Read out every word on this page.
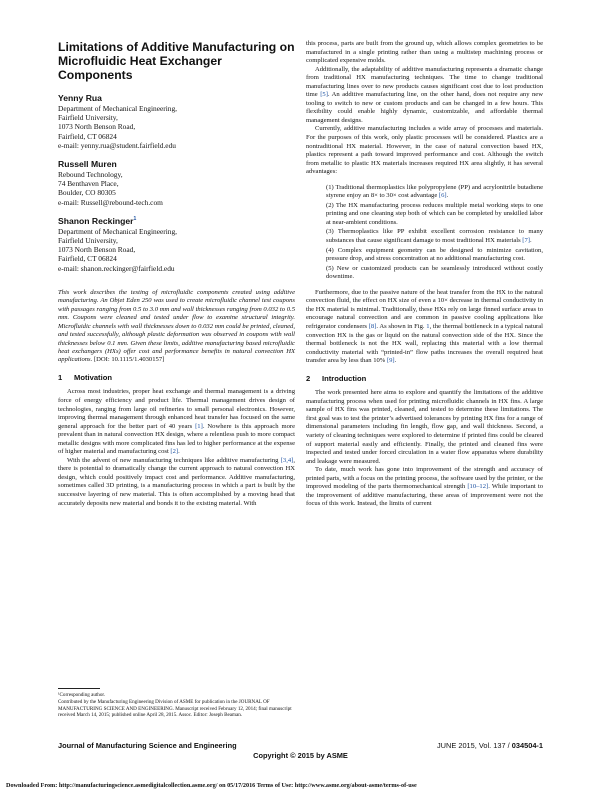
Limitations of Additive Manufacturing on Microfluidic Heat Exchanger Components
Yenny Rua
Department of Mechanical Engineering,
Fairfield University,
1073 North Benson Road,
Fairfield, CT 06824
e-mail: yenny.rua@student.fairfield.edu
Russell Muren
Rebound Technology,
74 Benthaven Place,
Boulder, CO 80305
e-mail: Russell@rebound-tech.com
Shanon Reckinger$^1$
Department of Mechanical Engineering,
Fairfield University,
1073 North Benson Road,
Fairfield, CT 06824
e-mail: shanon.reckinger@fairfield.edu
This work describes the testing of microfluidic components created using additive manufacturing. An Objet Eden 250 was used to create microfluidic channel test coupons with passages ranging from 0.5 to 3.0 mm and wall thicknesses ranging from 0.032 to 0.5 mm. Coupons were cleaned and tested under flow to examine structural integrity. Microfluidic channels with wall thicknesses down to 0.032 mm could be printed, cleaned, and tested successfully, although plastic deformation was observed in coupons with wall thicknesses below 0.1 mm. Given these limits, additive manufacturing based microfluidic heat exchangers (HXs) offer cost and performance benefits in natural convection HX applications. [DOI: 10.1115/1.4030157]
1 Motivation

Across most industries, proper heat exchange and thermal management is a driving force of energy efficiency and product life. Thermal management drives design of technologies, ranging from large oil refineries to small personal electronics. However, improving thermal management through enhanced heat transfer has focused on the same general approach for the better part of 40 years [1]. Nowhere is this approach more prevalent than in natural convection HX design, where a relentless push to more compact metallic designs with more complicated fins has led to higher performance at the expense of higher material and manufacturing cost [2].

With the advent of new manufacturing techniques like additive manufacturing [3,4], there is potential to dramatically change the current approach to natural convection HX design, which could positively impact cost and performance. Additive manufacturing, sometimes called 3D printing, is a manufacturing process in which a part is built by the successive layering of new material. This is often accomplished by a moving head that accurately deposits new material and bonds it to the existing material. With

¹Corresponding author.
Contributed by the Manufacturing Engineering Division of ASME for publication in the JOURNAL OF MANUFACTURING SCIENCE AND ENGINEERING. Manuscript received February 12, 2014; final manuscript received March 14, 2015; published online April 28, 2015. Assoc. Editor: Joseph Beaman.

this process, parts are built from the ground up, which allows complex geometries to be manufactured in a single printing rather than using a multistep machining process or complicated expensive molds.

Additionally, the adaptability of additive manufacturing represents a dramatic change from traditional HX manufacturing techniques. The time to change traditional manufacturing lines over to new products causes significant cost due to lost production time [5]. An additive manufacturing line, on the other hand, does not require any new tooling to switch to new or custom products and can be changed in a few hours. This flexibility could enable highly dynamic, customizable, and affordable thermal management designs.

Currently, additive manufacturing includes a wide array of processes and materials. For the purposes of this work, only plastic processes will be considered. Plastics are a nontraditional HX material. However, in the case of natural convection based HX, plastics represent a path toward improved performance and cost. Although the switch from metallic to plastic HX materials increases required HX area slightly, it has several advantages:

(1) Traditional thermoplastics like polypropylene (PP) and acrylonitrile butadiene styrene enjoy an 8× to 30× cost advantage [6].
(2) The HX manufacturing process reduces multiple metal working steps to one printing and one cleaning step both of which can be completed by unskilled labor at near-ambient conditions.
(3) Thermoplastics like PP exhibit excellent corrosion resistance to many substances that cause significant damage to most traditional HX materials [7].
(4) Complex equipment geometry can be designed to minimize cavitation, pressure drop, and stress concentration at no additional manufacturing cost.
(5) New or customized products can be seamlessly introduced without costly downtime.

Furthermore, due to the passive nature of the heat transfer from the HX to the natural convection fluid, the effect on HX size of even a 10× decrease in thermal conductivity in the HX material is minimal. Traditionally, these HXs rely on large finned surface areas to encourage natural convection and are common in passive cooling applications like refrigerator condensers [8]. As shown in Fig. 1, the thermal bottleneck in a typical natural convection HX is the gas or liquid on the natural convection side of the HX. Since the thermal bottleneck is not the HX wall, replacing this material with a low thermal conductivity material with “printed-in” flow paths increases the overall required heat transfer area by less than 10% [9].

2 Introduction

The work presented here aims to explore and quantify the limitations of the additive manufacturing process when used for printing microfluidic channels in HX fins. A large sample of HX fins was printed, cleaned, and tested to determine these limitations. The first goal was to test the printer’s advertised tolerances by printing HX fins for a range of dimensional parameters including fin length, flow gap, and wall thickness. Second, a variety of cleaning techniques were explored to determine if printed fins could be cleared of support material easily and efficiently. Finally, the printed and cleaned fins were inspected and tested under forced circulation in a water flow apparatus where durability and leakage were measured.

To date, much work has gone into improvement of the strength and accuracy of printed parts, with a focus on the printing process, the software used by the printer, or the improved modeling of the parts thermomechanical strength [10–12]. While important to the improvement of additive manufacturing, these areas of improvement were not the focus of this work. Instead, the limits of current

Journal of Manufacturing Science and Engineering	JUNE 2015, Vol. 137 / 034504-1
Copyright © 2015 by ASME
Downloaded From: http://manufacturingscience.asmedigitalcollection.asme.org/ on 05/17/2016 Terms of Use: http://www.asme.org/about-asme/terms-of-use
